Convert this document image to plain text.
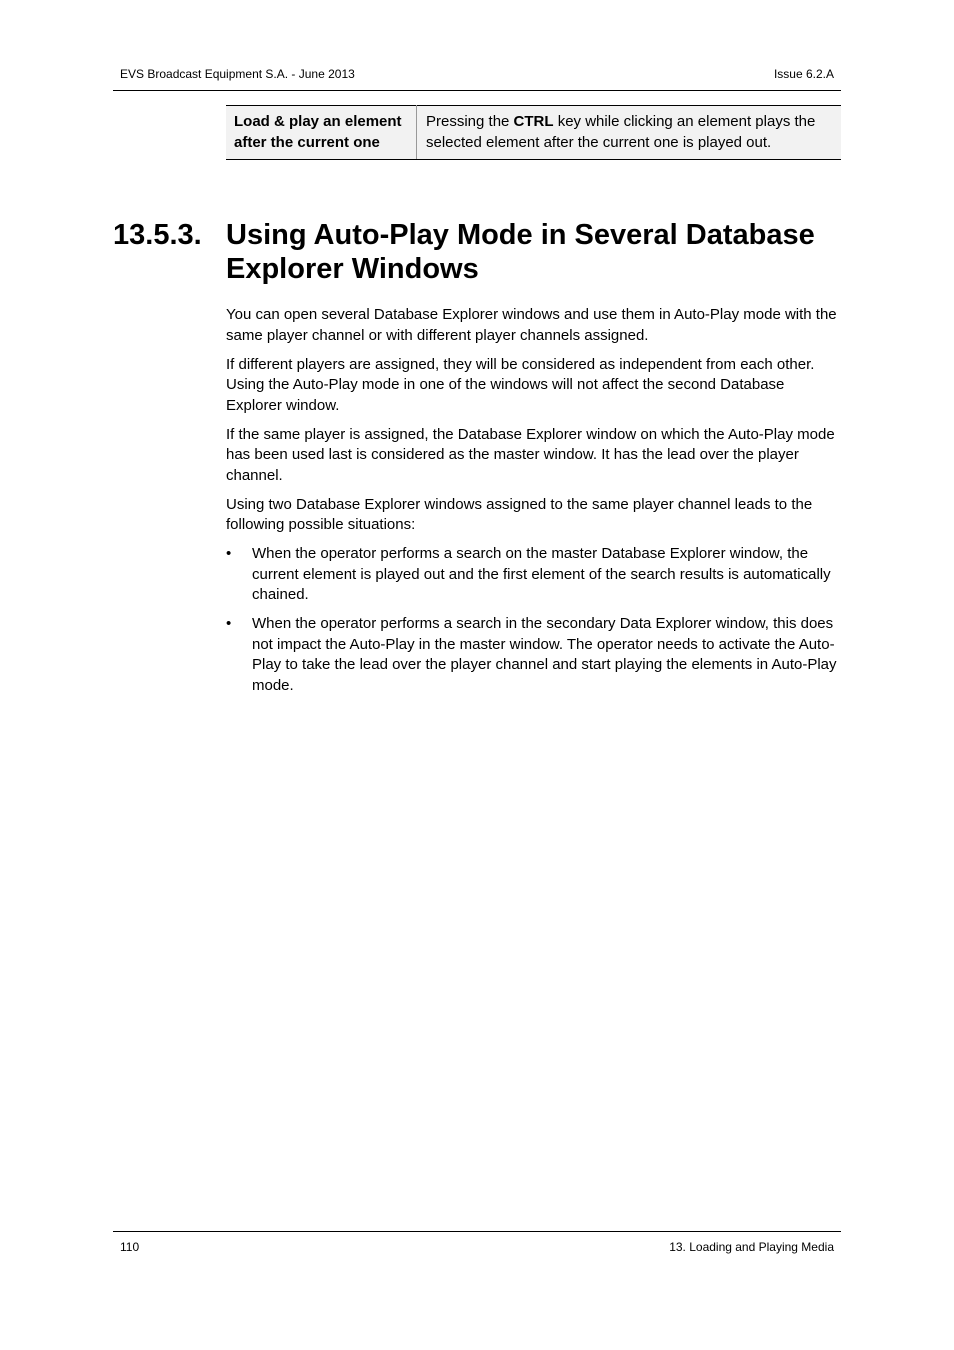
EVS Broadcast Equipment S.A. - June 2013	Issue 6.2.A
Load & play an element after the current one	Pressing the CTRL key while clicking an element plays the selected element after the current one is played out.
13.5.3. Using Auto-Play Mode in Several Database Explorer Windows

You can open several Database Explorer windows and use them in Auto-Play mode with the same player channel or with different player channels assigned.

If different players are assigned, they will be considered as independent from each other. Using the Auto-Play mode in one of the windows will not affect the second Database Explorer window.

If the same player is assigned, the Database Explorer window on which the Auto-Play mode has been used last is considered as the master window. It has the lead over the player channel.

Using two Database Explorer windows assigned to the same player channel leads to the following possible situations:

• When the operator performs a search on the master Database Explorer window, the current element is played out and the first element of the search results is automatically chained.
• When the operator performs a search in the secondary Data Explorer window, this does not impact the Auto-Play in the master window. The operator needs to activate the Auto-Play to take the lead over the player channel and start playing the elements in Auto-Play mode.
110	13. Loading and Playing Media
